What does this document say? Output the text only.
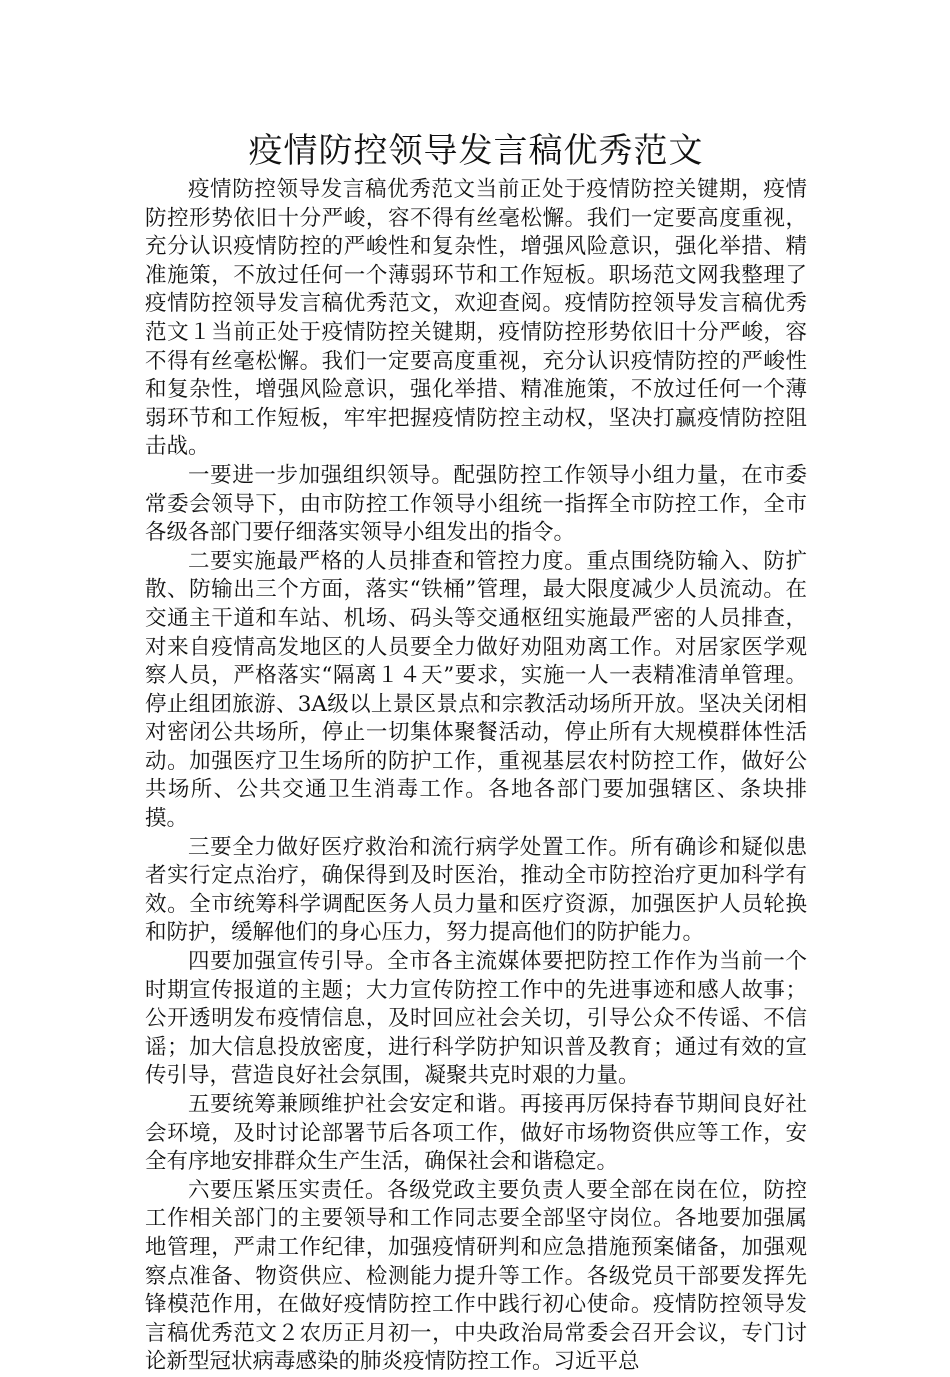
疫情防控领导发言稿优秀范文

疫情防控领导发言稿优秀范文当前正处于疫情防控关键期，疫情防控形势依旧十分严峻，容不得有丝毫松懈。我们一定要高度重视，充分认识疫情防控的严峻性和复杂性，增强风险意识，强化举措、精准施策，不放过任何一个薄弱环节和工作短板。职场范文网我整理了疫情防控领导发言稿优秀范文，欢迎查阅。疫情防控领导发言稿优秀范文１当前正处于疫情防控关键期，疫情防控形势依旧十分严峻，容不得有丝毫松懈。我们一定要高度重视，充分认识疫情防控的严峻性和复杂性，增强风险意识，强化举措、精准施策，不放过任何一个薄弱环节和工作短板，牢牢把握疫情防控主动权，坚决打赢疫情防控阻击战。

一要进一步加强组织领导。配强防控工作领导小组力量，在市委常委会领导下，由市防控工作领导小组统一指挥全市防控工作，全市各级各部门要仔细落实领导小组发出的指令。

二要实施最严格的人员排查和管控力度。重点围绕防输入、防扩散、防输出三个方面，落实“铁桶”管理，最大限度减少人员流动。在交通主干道和车站、机场、码头等交通枢纽实施最严密的人员排查，对来自疫情高发地区的人员要全力做好劝阻劝离工作。对居家医学观察人员，严格落实“隔离１４天”要求，实施一人一表精准清单管理。停止组团旅游、3A级以上景区景点和宗教活动场所开放。坚决关闭相对密闭公共场所，停止一切集体聚餐活动，停止所有大规模群体性活动。加强医疗卫生场所的防护工作，重视基层农村防控工作，做好公共场所、公共交通卫生消毒工作。各地各部门要加强辖区、条块排摸。

三要全力做好医疗救治和流行病学处置工作。所有确诊和疑似患者实行定点治疗，确保得到及时医治，推动全市防控治疗更加科学有效。全市统筹科学调配医务人员力量和医疗资源，加强医护人员轮换和防护，缓解他们的身心压力，努力提高他们的防护能力。

四要加强宣传引导。全市各主流媒体要把防控工作作为当前一个时期宣传报道的主题；大力宣传防控工作中的先进事迹和感人故事；公开透明发布疫情信息，及时回应社会关切，引导公众不传谣、不信谣；加大信息投放密度，进行科学防护知识普及教育；通过有效的宣传引导，营造良好社会氛围，凝聚共克时艰的力量。

五要统筹兼顾维护社会安定和谐。再接再厉保持春节期间良好社会环境，及时讨论部署节后各项工作，做好市场物资供应等工作，安全有序地安排群众生产生活，确保社会和谐稳定。

六要压紧压实责任。各级党政主要负责人要全部在岗在位，防控工作相关部门的主要领导和工作同志要全部坚守岗位。各地要加强属地管理，严肃工作纪律，加强疫情研判和应急措施预案储备，加强观察点准备、物资供应、检测能力提升等工作。各级党员干部要发挥先锋模范作用，在做好疫情防控工作中践行初心使命。疫情防控领导发言稿优秀范文２农历正月初一，中央政治局常委会召开会议，专门讨论新型冠状病毒感染的肺炎疫情防控工作。习近平总
